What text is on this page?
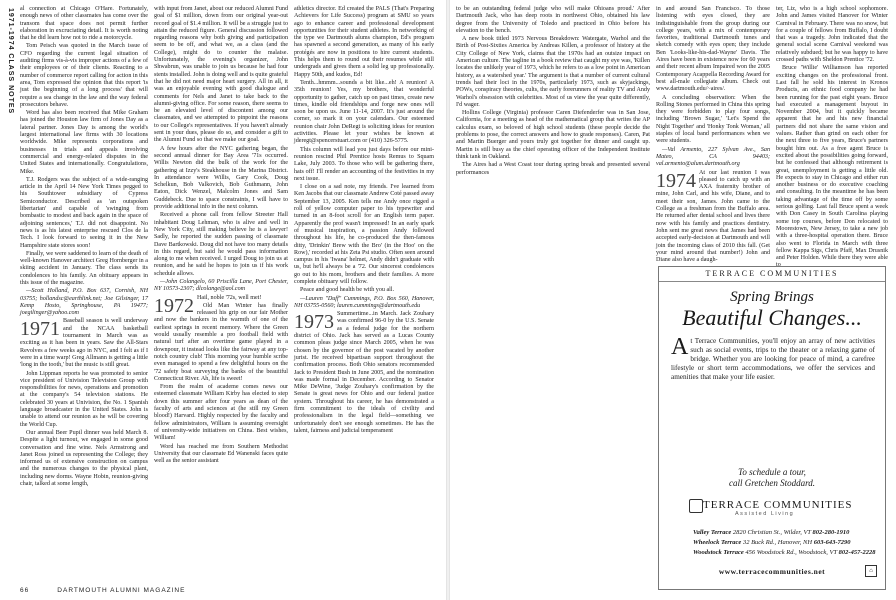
1971-1974 CLASS NOTES al connection at Chicago O'Hare. Fortunately, enough news of other classmates has come over the transom that space does not permit further elaboration in excruciating detail. It is worth noting that he did learn how not to ride a motorcycle.

Tom Peisch was quoted in the March issue of CFO regarding the current legal situation of auditing firms vis-à-vis improper actions of a few of their employees or of their clients. Reacting to a number of commerce report calling for action in this area, Tom expressed the opinion that this report 'is just the beginning of a long process' that will require a sea change in the law and the way federal prosecutors behave.

Word has also been received that Mike Graham has joined the Houston law firm of Jones Day as a lateral partner. Jones Day is among the world's largest international law firms with 30 locations worldwide. Mike represents corporations and businesses in trials and appeals involving commercial and energy-related disputes in the United States and internationally. Congratulations, Mike.

T.J. Rodgers was the subject of a wide-ranging article in the April 14 New York Times pegged to his Southtower subsidiary of Cypress Semiconductor. Described as 'an outspoken libertarian' and capable of 'swinging from bombastic to modest and back again in the space of adjoining sentences,' T.J. did not disappoint. No news is as his latest enterprise rescued Clos de la Tech. I look forward to seeing it in the New Hampshire state stores soon!

Finally, we were saddened to learn of the death of well-known Hanover architect Greg Hornberger in a skiing accident in January. The class sends its condolences to his family. An obituary appears in this issue of the magazine.

—Scott Holland, P.O. Box 637, Cornish, NH 03755; hollandsc@earthlink.net; Joe Gilsinger, 17 Kemp Hosto, Springhouse, PA 19477; joegilinger@yahoo.com

1971 Baseball season is well underway and the NCAA basketball tournament in March was as exciting as it has been in years. Saw the All-Stars Revolves a few weeks ago in NYC, and I felt as if I were in a time warp! Greg Allmann is getting a little 'long in the tooth,' but the music is still great.

John Lippman reports he was promoted to senior vice president of Univision Television Group with responsibilities for news, operations and promotion at the company's 54 television stations. He celebrated 30 years at Univision, the No. 1 Spanish language broadcaster in the United States. John is unable to attend our reunion as he will be covering the World Cup.

Our annual Beer Pupil dinner was held March 8. Despite a light turnout, we engaged in some good conversation and fine wine. Nels Armstrong and Janet Ross joined us representing the College; they informed us of extensive construction on campus and the numerous changes to the physical plant, including new dorms. Wayne Hobin, reunion-giving chair, talked at some length,

with input from Janet, about our reduced Alumni Fund goal of $1 million, down from our original year-out record goal of $1.4 million. It will be a struggle just to attain the reduced figure. General discussion followed regarding reasons why both giving and participation seem to be off, and what we, as a class (and the College), might do to counter the malaise. Unfortunately, the evening's organizer, John Shwabrun, was unable to join us because he had four stents installed. John is doing well and is quite grateful that he did not need major heart surgery. All in all, it was an enjoyable evening with good dialogue and comments for Nels and Janet to take back to the alumni-giving office. For some reason, there seems to be an elevated level of discontent among our classmates, and we attempted to pinpoint the reasons to our College's representatives. If you haven't already sent in your dues, please do so, and consider a gift to the Alumni Fund so that we make our goal.

A few hours after the NYC gathering began, the second annual dinner for Bay Area '71s occurred. Willis Newton did the bulk of the work for the gathering at Izzy's Steakhouse in the Marina District. In attendance were Willis, Gary Cook, Doug Schelkun, Bob Valkovich, Bob Guthmann, John Eaton, Dick Wenzel, Malcolm Jones and Sam Guddebeck. Due to space constraints, I will have to provide additional info in the next column.

Received a phone call from fellow Streeter Hall inhabitant Doug Lehman, who is alive and well in New York City, still making believe he is a lawyer! Sadly, he reported the sudden passing of classmate Dave Bartkowski. Doug did not have too many details in this regard, but said he would pass information along to me when received. I urged Doug to join us at reunion, and he said he hopes to join us if his work schedule allows.

—John Colangelo, 60 Priscilla Lane, Port Chester, NY 10573-2307; dlcolange@aol.com

1972 Hail, noble '72s, well met!

Old Man Winter has finally released his grip on our fair Mother and now the bankers in the warmth of one of the earliest springs in recent memory. Where the Green would usually resemble a pro football field with natural turf after an overtime game played in a downpour, it instead looks like the fairway at any top-notch country club! This morning your humble scribe even managed to spend a few delightful hours on the '72 safety boat surveying the banks of the beautiful Connecticut River. Ah, life is sweet!

From the realm of academe comes news our esteemed classmate William Kirby has elected to step down this summer after four years as dean of the faculty of arts and sciences at (he still my Green blood!) Harvard. Highly respected by the faculty and fellow administrators, William is assuming oversight of university-wide initiatives on China. Best wishes, William!

Word has reached me from Southern Methodist University that our classmate Ed Wanenski faces quite well as the senior assistant

athletics director. Ed created the PALS (That's Preparing Achievers for Life Success) program at SMU so years ago to enhance career and professional development opportunities for their student athletes. In networking of the type we Dartmouth alums champion, Ed's program has spawned a second generation, as many of his early protégés are now in positions to hire current students. This helps them to round out their resumes while still undergrads and gives them a solid leg up professionally. Happy 50th, and kudos, Ed!

Tenth...hmmm...sounds a bit like...eh! A reunion! A 35th reunion! Yes, my brothers, that wonderful opportunity to gather, catch up on past times, create new times, kindle old friendships and forge new ones will soon be upon us. June 11-14, 2007. It's just around the corner, so mark it on your calendars. Our esteemed reunion chair John DeRegt is soliciting ideas for reunion activities. Please let your wishes be known at jderegt@spencerstuart.com or (410) 326-5775.

This column will lead you just days before our mini-reunion rescind Phil Prentice hosts Remus to Squam Lake, July 2003. To those who will be gathering there, hats off! I'll render an accounting of the festivities in my next issue.

I close on a sad note, my friends. I've learned from Ken Jacobs that our classmate Andrew Coté passed away September 13, 2005. Ken tells me Andy once rigged a roll of yellow computer paper to his typewriter and turned in an 8-foot scroll for an English term paper. Apparently the prof wasn't impressed! In an early spark of musical inspiration, a passion Andy followed throughout his life, he co-produced the then-famous ditty, 'Drinkin' Brew with the Bro' (in the Hoo' on the Row),' recorded at his Zeta Psi studio. Often seen around campus in his 'Iwana' helmet, Andy didn't graduate with us, but he'll always be a '72. Our sincerest condolences go out to his mom, brothers and their families. A more complete obituary will follow.

Peace and good health be with you all.

—Lauren "Duff" Cummings, P.O. Box 560, Hanover, NH 03755-0560; lauren.cummings@dartmouth.edu

1973 Summertime...in March. Jack Zouhary was confirmed 96-0 by the U.S. Senate as a federal judge for the northern district of Ohio. Jack has served as a Lucas County common pleas judge since March 2005, when he was chosen by the governor of the post vacated by another jurist. He received bipartisan support throughout the confirmation process. Both Ohio senators recommended Jack to President Bush in June 2005, and the nomination was made formal in December. According to Senator Mike DeWine, 'Judge Zouhary's confirmation by the Senate is great news for Ohio and our federal justice system. Throughout his career, he has demonstrated a firm commitment to the ideals of civility and professionalism in the legal field—something we unfortunately don't see enough sometimes. He has the talent, fairness and judicial temperament

66	DARTMOUTH ALUMNI MAGAZINE

to be an outstanding federal judge who will make Ohioans proud.' After Dartmouth Jack, who has deep roots in northwest Ohio, obtained his law degree from the University of Toledo and practiced in Ohio before his elevation to the bench.

A new book titled 1973 Nervous Breakdown: Watergate, Warhol and the Birth of Post-Sixties America by Andreas Killen, a professor of history at the City College of New York, claims that the 1970s had an outsize impact on American culture. The tagline in a book review that caught my eye was, 'Killen locates the unlikely year of 1973, which he refers to as a low point in American history, as a watershed year.' The argument is that a number of current cultural trends had their loci in the 1970s, particularly 1973, such as skyjackings, POWs, conspiracy theories, cults, the early forerunners of reality TV and Andy Warhol's obsession with celebrities. Most of us view the year quite differently, I'd wager.

Hollins College (Virginia) professor Caren Diefenderfer was in San Jose, California, for a meeting as head of the mathematical group that writes the AP calculus exam, so beloved of high school students (these people decide the problems to pose, the correct answers and how to grade responses). Caren, Pat and Martin Buerger and yours truly got together for dinner and caught up. Martin is still busy as the chief operating officer of the Independent Institute think tank in Oakland.

The Aires had a West Coast tour during spring break and presented several performances

in and around San Francisco. To those listening with eyes closed, they are indistinguishable from the group during our college years, with a mix of contemporary favorites, traditional Dartmouth tunes and sketch comedy with eyes open; they include Ben 'Looks-like-his-dad-Wayne' Davis. The Aires have been in existence now for 60 years and their recent album Impaired won the 2005 Contemporary Acappella Recording Award for best all-male collegiate album. Check out www.dartmouth.edu/~aires/.

A concluding observation: When the Rolling Stones performed in China this spring they were forbidden to play four songs, including 'Brown Sugar,' 'Let's Spend the Night Together' and 'Honky Tonk Woman,' all staples of local band performances when we were students.

—Val Armento, 227 Sylvan Ave., San Mateo, CA 94403; val.armento@alum.dartmouth.org

1974 At our last reunion I was pleased to catch up with an AXA fraternity brother of mine, John Carl, and his wife, Diane, and to meet their son, James. John came to the College as a freshman from the Buffalo area. He returned after dental school and lives there now with his family and practices dentistry. John sent me great news that James had been accepted early-decision at Dartmouth and will join the incoming class of 2010 this fall. (Get your mind around that number!) John and Diane also have a daugh-

ter, Liz, who is a high school sophomore. John and James visited Hanover for Winter Carnival in February. There was no snow, but for a couple of fellows from Buffalo, I doubt that was a tragedy. John indicated that the general social scene Carnival weekend was relatively subdued; but he was happy to have crossed paths with Sheldon Prentice '72.

Bruce 'Willie' Williamson has reported exciting changes on the professional front. Last fall he sold his interest in Kronos Products, an ethnic food company he had been running for the past eight years. Bruce had executed a management buyout in November 2004, but it quickly became apparent that he and his new financial partners did not share the same vision and values. Rather than grind on each other for the next three to five years, Bruce's partners bought him out. As a free agent Bruce is excited about the possibilities going forward, but he confessed that although retirement is great, unemployment is getting a little old. He expects to stay in Chicago and either run another business or do executive coaching and consulting. In the meantime he has been taking advantage of the time off by some serious golfing. Last fall Bruce spent a week with Don Casey in South Carolina playing some top courses, before Don relocated to Moorestown, New Jersey, to take a new job with a three-hospital operation there. Bruce also went to Florida in March with three fellow Kappa Sigs, Chris Pfaff, Max Drusnik and Peter Holden. While there they were able

TERRACE COMMUNITIES
Spring Brings
Beautiful Changes...
At Terrace Communities, you'll enjoy an array of new activities such as social events, trips to the theater or a relaxing game of bridge. Whether you are looking for peace of mind, a carefree lifestyle or short term accommodations, we offer the services and amenities that make your life easier.
To schedule a tour,
call Gretchen Stoddard.
TERRACE COMMUNITIES
Assisted Living
Valley Terrace 2820 Christian St., Wilder, VT 802-280-1910
Wheelock Terrace 32 Buck Rd., Hanover, NH 603-643-7290
Woodstock Terrace 456 Woodstock Rd., Woodstock, VT 802-457-2228
www.terracecommunities.net	⌂
